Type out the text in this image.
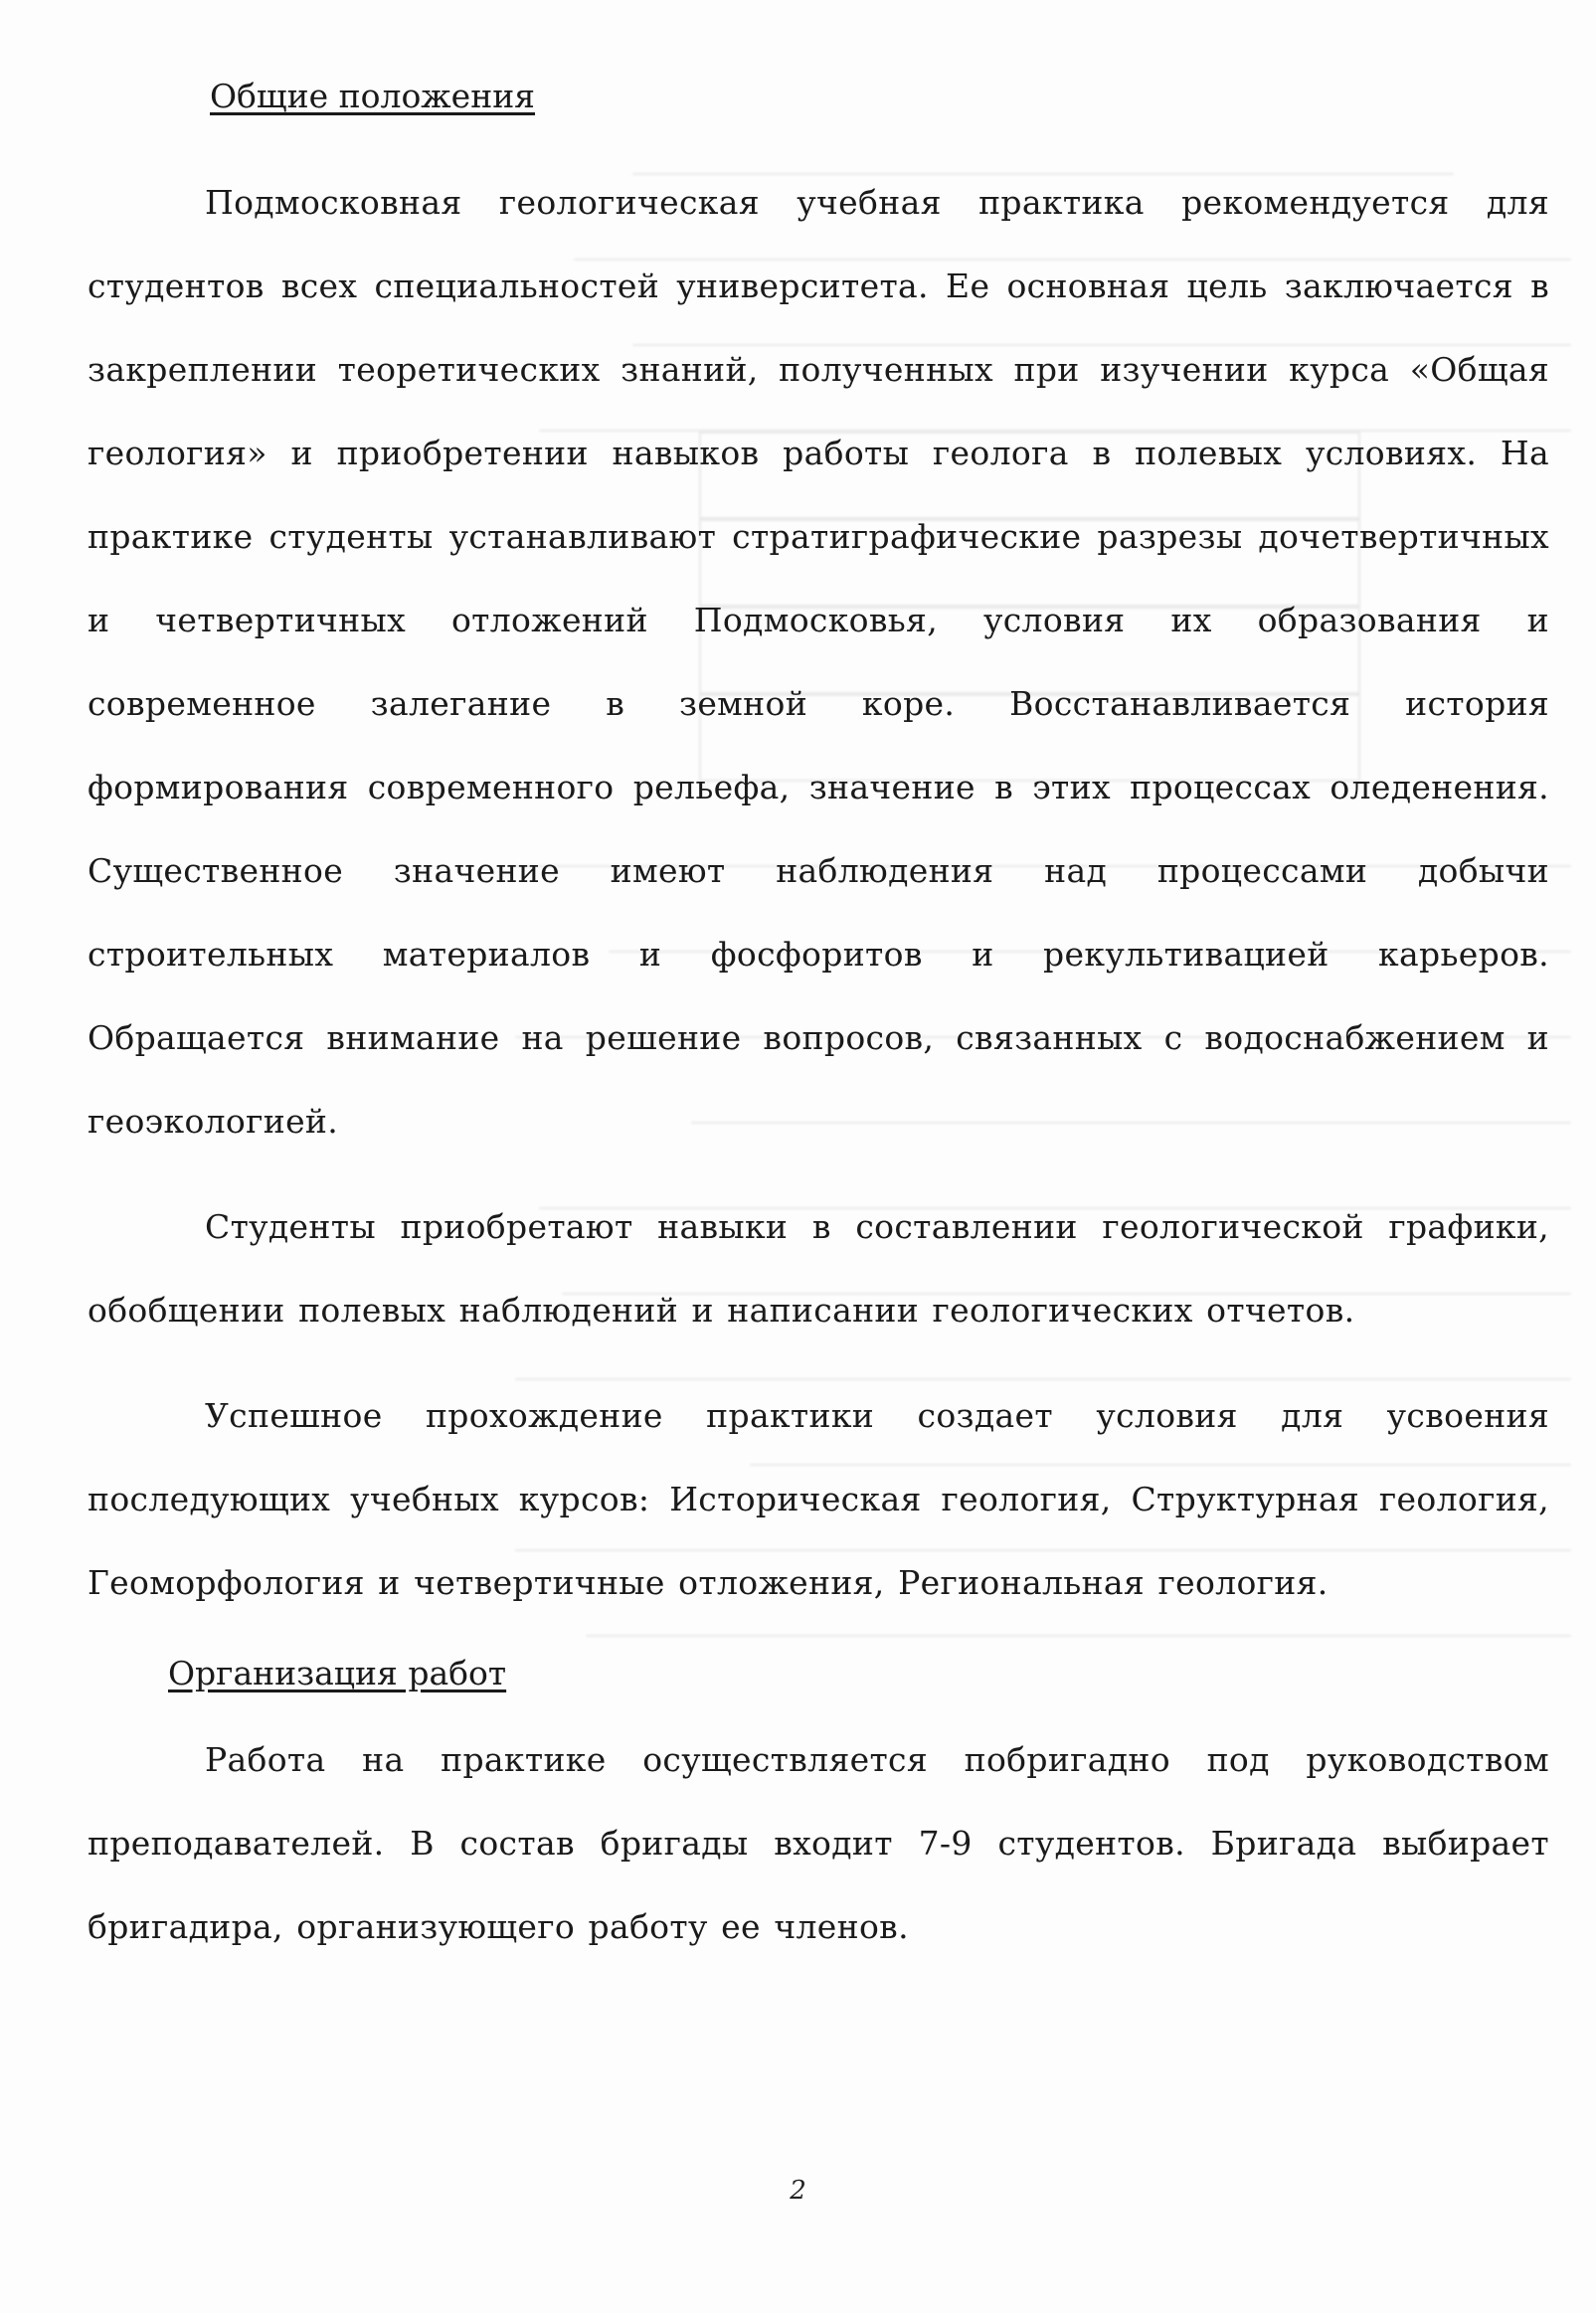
Общие положения

Подмосковная геологическая учебная практика рекомендуется для студентов всех специальностей университета. Ее основная цель заключается в закреплении теоретических знаний, полученных при изучении курса «Общая геология» и приобретении навыков работы геолога в полевых условиях. На практике студенты устанавливают стратиграфические разрезы дочетвертичных и четвертичных отложений Подмосковья, условия их образования и современное залегание в земной коре. Восстанавливается история формирования современного рельефа, значение в этих процессах оледенения. Существенное значение имеют наблюдения над процессами добычи строительных материалов и фосфоритов и рекультивацией карьеров. Обращается внимание на решение вопросов, связанных с водоснабжением и геоэкологией.

Студенты приобретают навыки в составлении геологической графики, обобщении полевых наблюдений и написании геологических отчетов.

Успешное прохождение практики создает условия для усвоения последующих учебных курсов: Историческая геология, Структурная геология, Геоморфология и четвертичные отложения, Региональная геология.

Организация работ

Работа на практике осуществляется побригадно под руководством преподавателей. В состав бригады входит 7-9 студентов. Бригада выбирает бригадира, организующего работу ее членов.

2
